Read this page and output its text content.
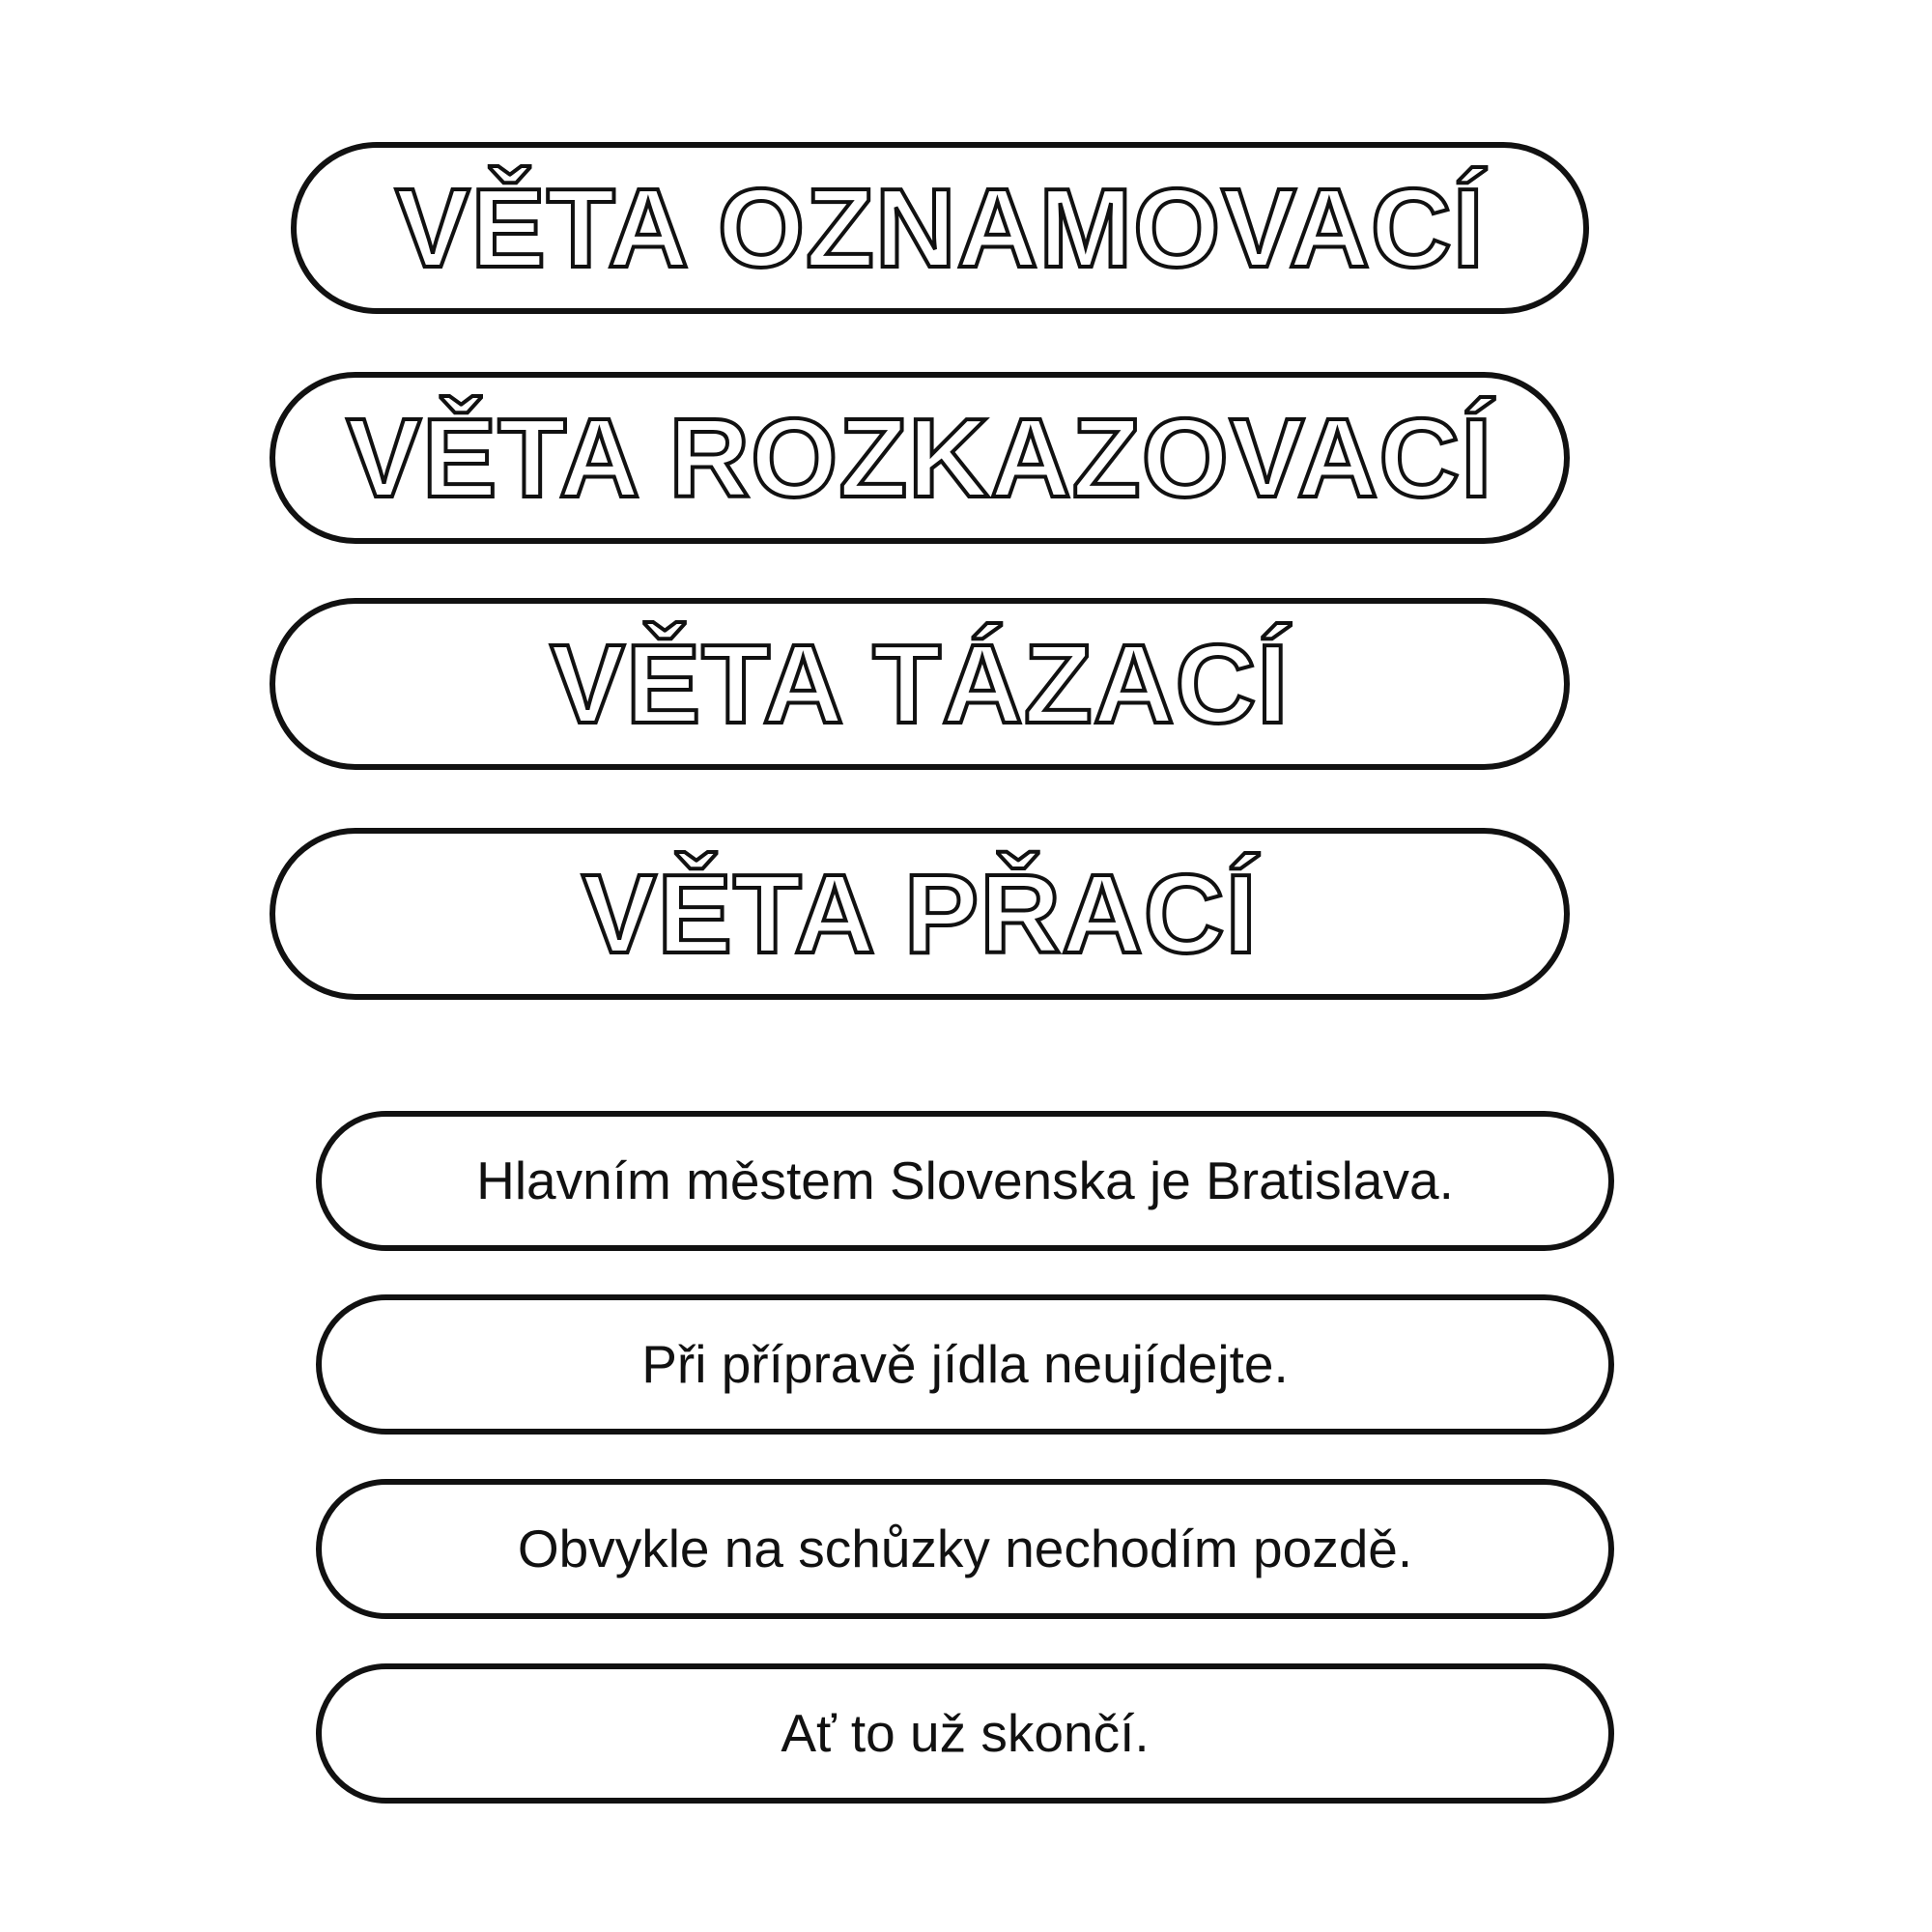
VĚTA OZNAMOVACÍ
VĚTA ROZKAZOVACÍ
VĚTA TÁZACÍ
VĚTA PŘACÍ
Hlavním městem Slovenska je Bratislava.
Při přípravě jídla neujídejte.
Obvykle na schůzky nechodím pozdě.
Ať to už skončí.
